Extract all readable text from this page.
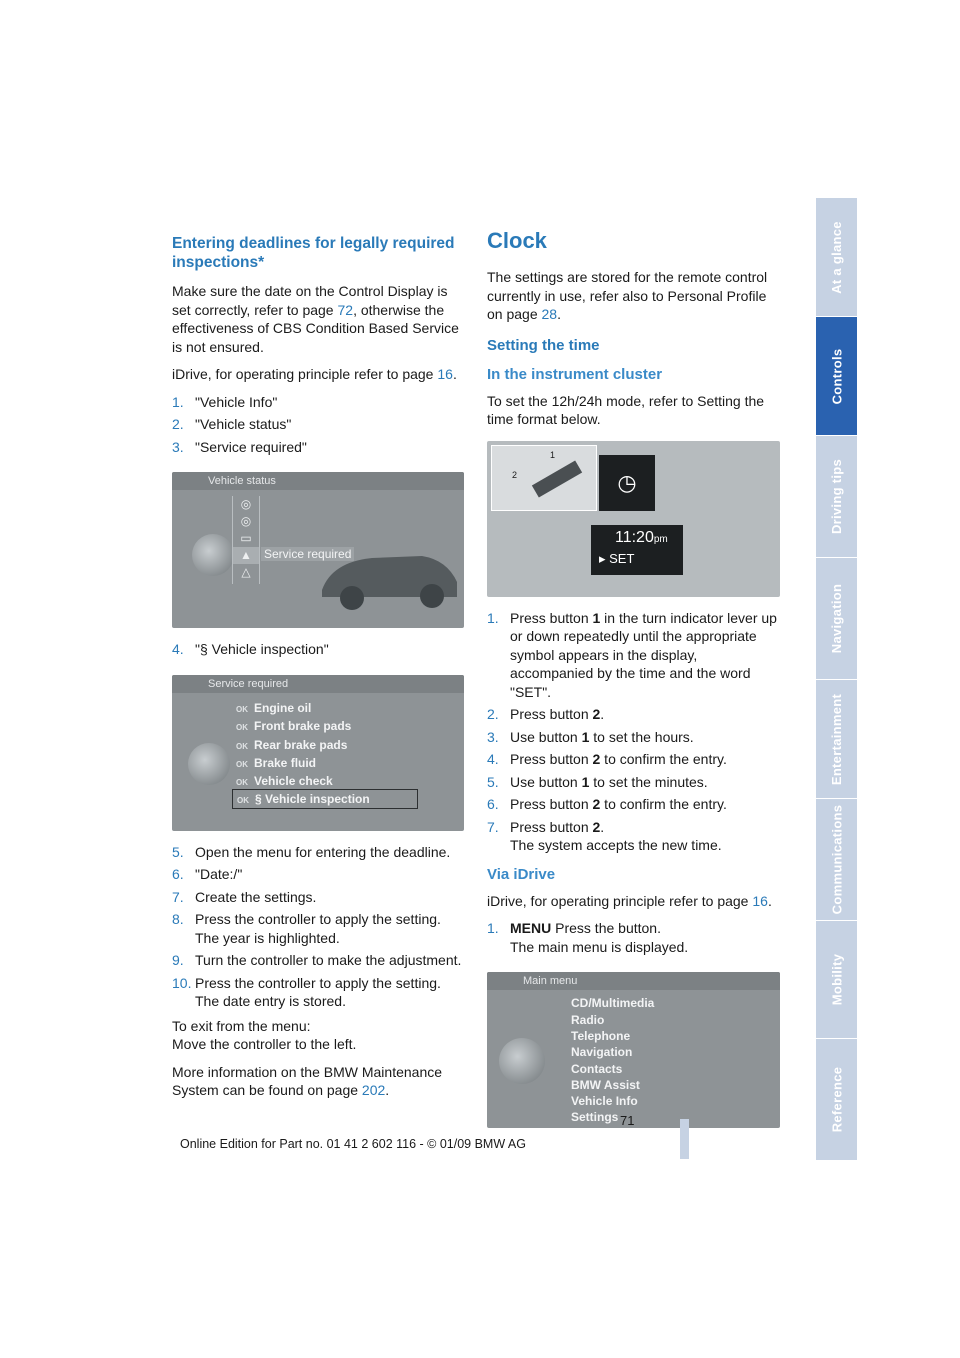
Entering deadlines for legally required inspections*

Make sure the date on the Control Display is set correctly, refer to page 72, otherwise the effectiveness of CBS Condition Based Service is not ensured.

iDrive, for operating principle refer to page 16.

1. "Vehicle Info"
2. "Vehicle status"
3. "Service required"
Vehicle status
◎
◎
▭
▲
△
Service required
4. "§ Vehicle inspection"
Service required
OK Engine oil
OK Front brake pads
OK Rear brake pads
OK Brake fluid
OK Vehicle check
OK § Vehicle inspection
5. Open the menu for entering the deadline.
6. "Date:/"
7. Create the settings.
8. Press the controller to apply the setting.
The year is highlighted.
9. Turn the controller to make the adjustment.
10. Press the controller to apply the setting.
The date entry is stored.

To exit from the menu:
Move the controller to the left.

More information on the BMW Maintenance System can be found on page 202.

Clock

The settings are stored for the remote control currently in use, refer also to Personal Profile on page 28.

Setting the time
In the instrument cluster

To set the 12h/24h mode, refer to Setting the time format below.

1
2	◷
11:20pm
▸ SET
1. Press button 1 in the turn indicator lever up or down repeatedly until the appropriate symbol appears in the display, accompanied by the time and the word "SET".
2. Press button 2.
3. Use button 1 to set the hours.
4. Press button 2 to confirm the entry.
5. Use button 1 to set the minutes.
6. Press button 2 to confirm the entry.
7. Press button 2.
The system accepts the new time.
Via iDrive

iDrive, for operating principle refer to page 16.

1. MENU Press the button.
The main menu is displayed.
Main menu
CD/Multimedia
Radio
Telephone
Navigation
Contacts
BMW Assist
Vehicle Info
Settings
At a glance
Controls
Driving tips
Navigation
Entertainment
Communications
Mobility
Reference
71
Online Edition for Part no. 01 41 2 602 116 - © 01/09 BMW AG
